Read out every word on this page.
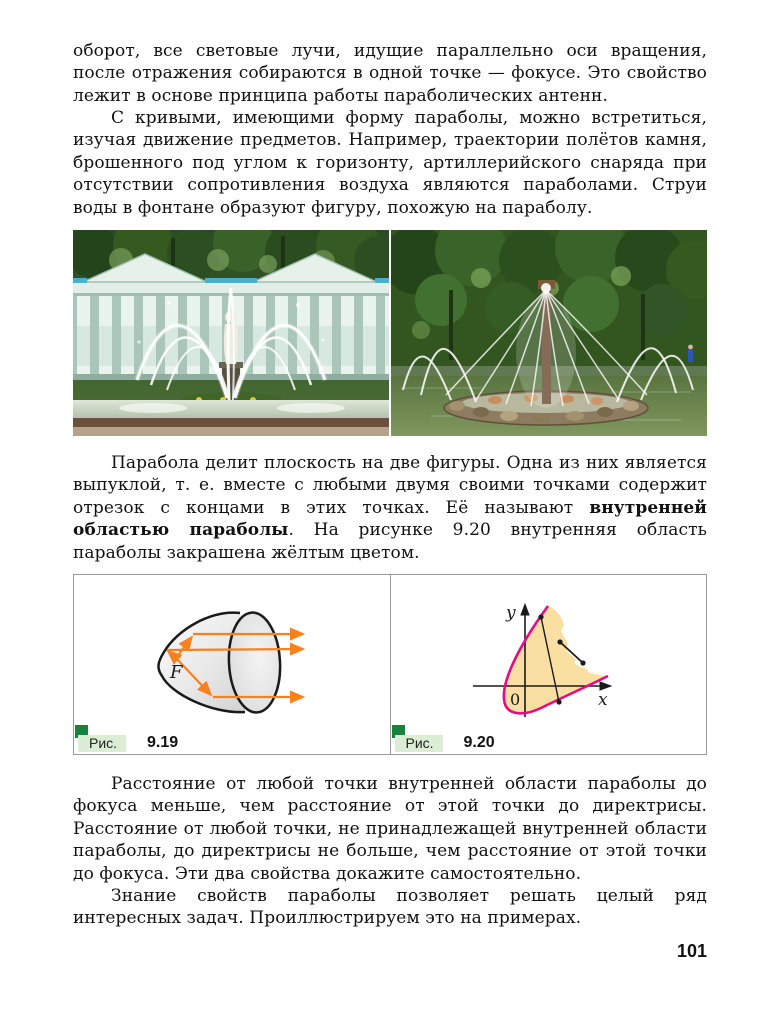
оборот, все световые лучи, идущие параллельно оси вращения, после отражения собираются в одной точке — фокусе. Это свойство лежит в основе принципа работы параболических антенн.

С кривыми, имеющими форму параболы, можно встретиться, изучая движение предметов. Например, траектории полётов камня, брошенного под углом к горизонту, артиллерийского снаряда при отсутствии сопротивления воздуха являются параболами. Струи воды в фонтане образуют фигуру, похожую на параболу.

Парабола делит плоскость на две фигуры. Одна из них является выпуклой, т. е. вместе с любыми двумя своими точками содержит отрезок с концами в этих точках. Её называют внутренней областью параболы. На рисунке 9.20 внутренняя область параболы закрашена жёлтым цветом.

F
Рис.	9.19
y
x
0
Рис.	9.20

Расстояние от любой точки внутренней области параболы до фокуса меньше, чем расстояние от этой точки до директрисы. Расстояние от любой точки, не принадлежащей внутренней области параболы, до директрисы не больше, чем расстояние от этой точки до фокуса. Эти два свойства докажите самостоятельно.

Знание свойств параболы позволяет решать целый ряд интересных задач. Проиллюстрируем это на примерах.

101
